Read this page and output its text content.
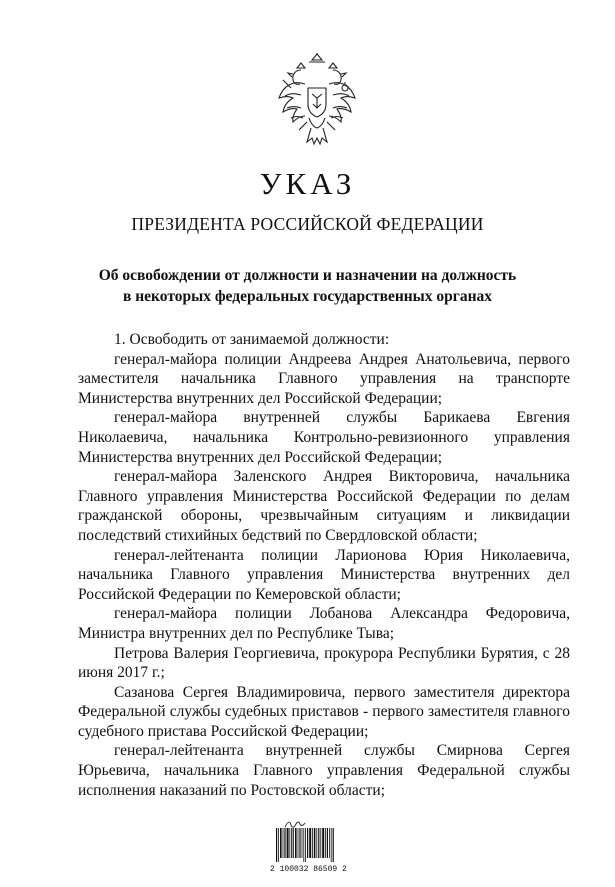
УКАЗ
ПРЕЗИДЕНТА РОССИЙСКОЙ ФЕДЕРАЦИИ
Об освобождении от должности и назначении на должность
в некоторых федеральных государственных органах

1. Освободить от занимаемой должности:

генерал-майора полиции Андреева Андрея Анатольевича, первого заместителя начальника Главного управления на транспорте Министерства внутренних дел Российской Федерации;

генерал-майора внутренней службы Барикаева Евгения Николаевича, начальника Контрольно-ревизионного управления Министерства внутренних дел Российской Федерации;

генерал-майора Заленского Андрея Викторовича, начальника Главного управления Министерства Российской Федерации по делам гражданской обороны, чрезвычайным ситуациям и ликвидации последствий стихийных бедствий по Свердловской области;

генерал-лейтенанта полиции Ларионова Юрия Николаевича, начальника Главного управления Министерства внутренних дел Российской Федерации по Кемеровской области;

генерал-майора полиции Лобанова Александра Федоровича, Министра внутренних дел по Республике Тыва;

Петрова Валерия Георгиевича, прокурора Республики Бурятия, с 28 июня 2017 г.;

Сазанова Сергея Владимировича, первого заместителя директора Федеральной службы судебных приставов - первого заместителя главного судебного пристава Российской Федерации;

генерал-лейтенанта внутренней службы Смирнова Сергея Юрьевича, начальника Главного управления Федеральной службы исполнения наказаний по Ростовской области;

2 100032 86509 2
